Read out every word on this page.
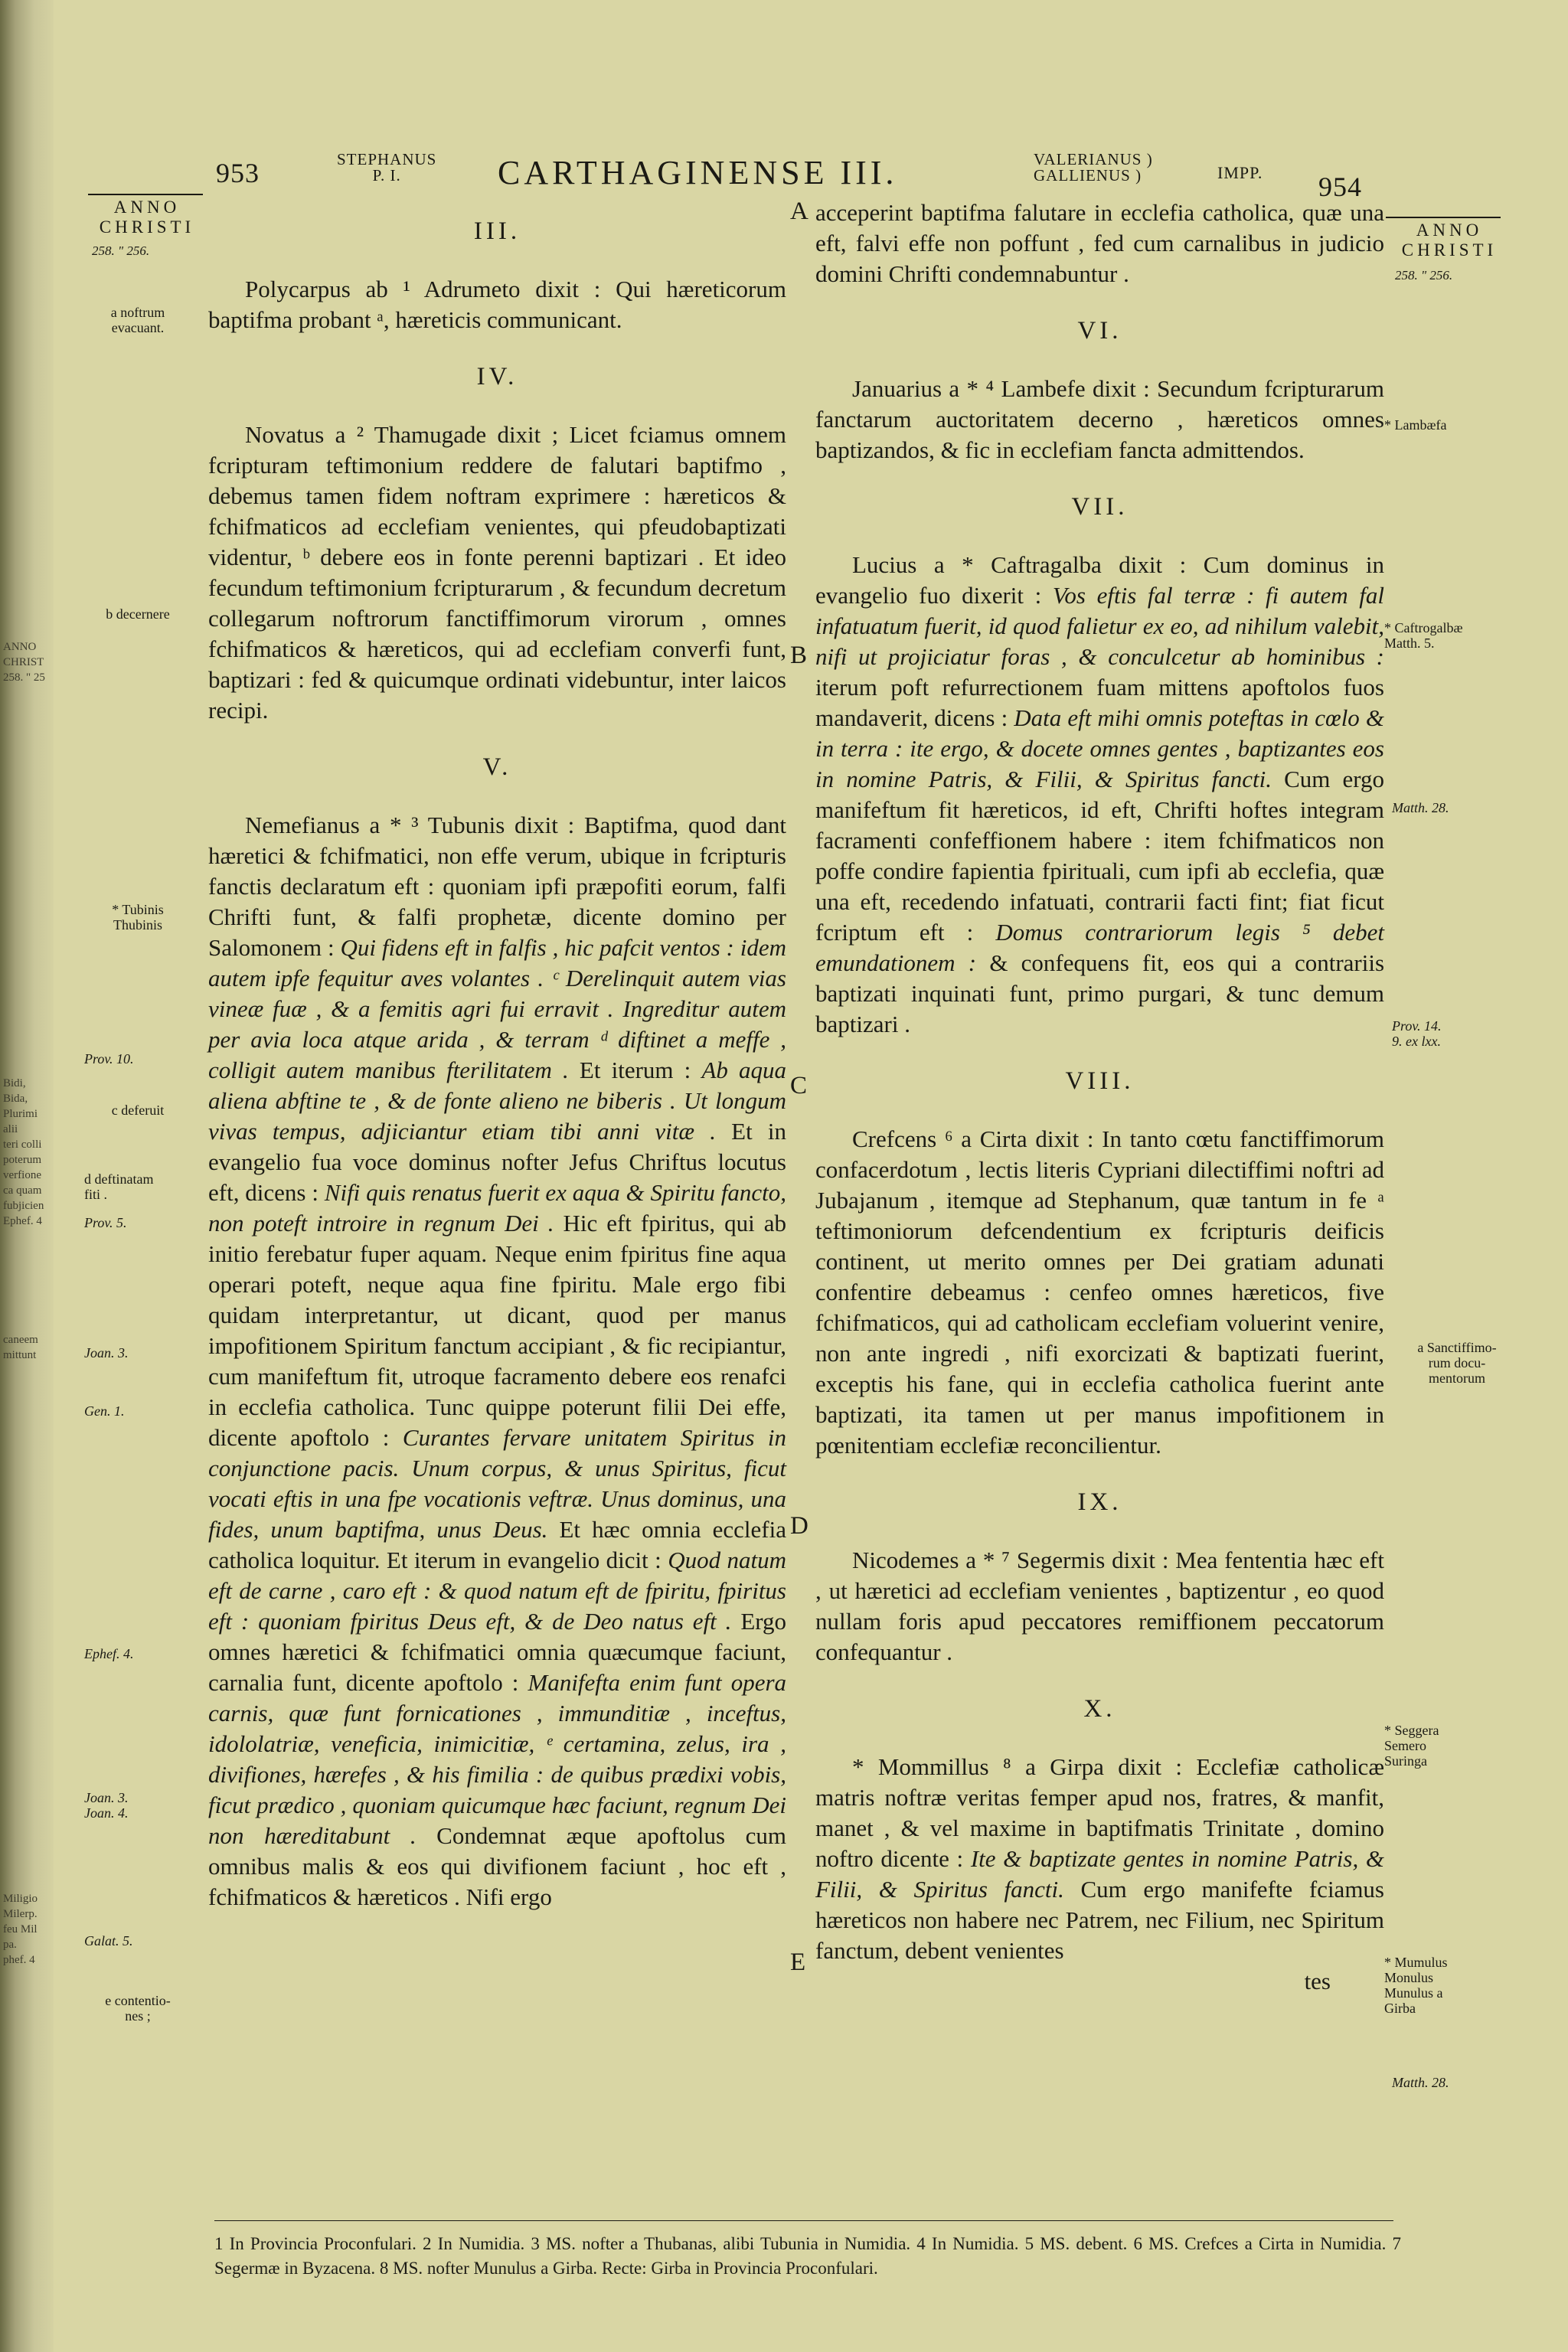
ANNO
CHRIST
258. " 25
Bidi,
Bida,
Plurimi
alii
teri colli
poterum
verfione
ca quam
fubjicien
Ephef. 4
caneem
mittunt
Miligio
Milerp.
feu Mil
pa.
phef. 4
953	STEPHANUS
P. I.	CARTHAGINENSE III.	VALERIANUS )
GALLIENUS )	IMPP. 954
ANNO
CHRISTI
258. " 256.
ANNO
CHRISTI
258. " 256.
III.

Polycarpus ab ¹ Adrumeto dixit : Qui hæreticorum baptifma probant ᵃ, hæreticis communicant.

IV.

Novatus a ² Thamugade dixit ; Licet fciamus omnem fcripturam teftimonium reddere de falutari baptifmo , debemus tamen fidem noftram exprimere : hæreticos & fchifmaticos ad ecclefiam venientes, qui pfeudobaptizati videntur, ᵇ debere eos in fonte perenni baptizari . Et ideo fecundum teftimonium fcripturarum , & fecundum decretum collegarum noftrorum fanctiffimorum virorum , omnes fchifmaticos & hæreticos, qui ad ecclefiam converfi funt, baptizari : fed & quicumque ordinati videbuntur, inter laicos recipi.

V.

Nemefianus a * ³ Tubunis dixit : Baptifma, quod dant hæretici & fchifmatici, non effe verum, ubique in fcripturis fanctis declaratum eft : quoniam ipfi præpofiti eorum, falfi Chrifti funt, & falfi prophetæ, dicente domino per Salomonem : Qui fidens eft in falfis , hic pafcit ventos : idem autem ipfe fequitur aves volantes . ᶜ Derelinquit autem vias vineæ fuæ , & a femitis agri fui erravit . Ingreditur autem per avia loca atque arida , & terram ᵈ diftinet a meffe , colligit autem manibus fterilitatem . Et iterum : Ab aqua aliena abftine te , & de fonte alieno ne biberis . Ut longum vivas tempus, adjiciantur etiam tibi anni vitæ . Et in evangelio fua voce dominus nofter Jefus Chriftus locutus eft, dicens : Nifi quis renatus fuerit ex aqua & Spiritu fancto, non poteft introire in regnum Dei . Hic eft fpiritus, qui ab initio ferebatur fuper aquam. Neque enim fpiritus fine aqua operari poteft, neque aqua fine fpiritu. Male ergo fibi quidam interpretantur, ut dicant, quod per manus impofitionem Spiritum fanctum accipiant , & fic recipiantur, cum manifeftum fit, utroque facramento debere eos renafci in ecclefia catholica. Tunc quippe poterunt filii Dei effe, dicente apoftolo : Curantes fervare unitatem Spiritus in conjunctione pacis. Unum corpus, & unus Spiritus, ficut vocati eftis in una fpe vocationis veftræ. Unus dominus, una fides, unum baptifma, unus Deus. Et hæc omnia ecclefia catholica loquitur. Et iterum in evangelio dicit : Quod natum eft de carne , caro eft : & quod natum eft de fpiritu, fpiritus eft : quoniam fpiritus Deus eft, & de Deo natus eft . Ergo omnes hæretici & fchifmatici omnia quæcumque faciunt, carnalia funt, dicente apoftolo : Manifefta enim funt opera carnis, quæ funt fornicationes , immunditiæ , inceftus, idololatriæ, veneficia, inimicitiæ, ᵉ certamina, zelus, ira , divifiones, hærefes , & his fimilia : de quibus prædixi vobis, ficut prædico , quoniam quicumque hæc faciunt, regnum Dei non hæreditabunt . Condemnat æque apoftolus cum omnibus malis & eos qui divifionem faciunt , hoc eft , fchifmaticos & hæreticos . Nifi ergo

acceperint baptifma falutare in ecclefia catholica, quæ una eft, falvi effe non poffunt , fed cum carnalibus in judicio domini Chrifti condemnabuntur .

VI.

Januarius a * ⁴ Lambefe dixit : Secundum fcripturarum fanctarum auctoritatem decerno , hæreticos omnes baptizandos, & fic in ecclefiam fancta admittendos.

VII.

Lucius a * Caftragalba dixit : Cum dominus in evangelio fuo dixerit : Vos eftis fal terræ : fi autem fal infatuatum fuerit, id quod falietur ex eo, ad nihilum valebit, nifi ut projiciatur foras , & conculcetur ab hominibus : iterum poft refurrectionem fuam mittens apoftolos fuos mandaverit, dicens : Data eft mihi omnis poteftas in cœlo & in terra : ite ergo, & docete omnes gentes , baptizantes eos in nomine Patris, & Filii, & Spiritus fancti. Cum ergo manifeftum fit hæreticos, id eft, Chrifti hoftes integram facramenti confeffionem habere : item fchifmaticos non poffe condire fapientia fpirituali, cum ipfi ab ecclefia, quæ una eft, recedendo infatuati, contrarii facti fint; fiat ficut fcriptum eft : Domus contrariorum legis ⁵ debet emundationem : & confequens fit, eos qui a contrariis baptizati inquinati funt, primo purgari, & tunc demum baptizari .

VIII.

Crefcens ⁶ a Cirta dixit : In tanto cœtu fanctiffimorum confacerdotum , lectis literis Cypriani dilectiffimi noftri ad Jubajanum , itemque ad Stephanum, quæ tantum in fe ᵃ teftimoniorum defcendentium ex fcripturis deificis continent, ut merito omnes per Dei gratiam adunati confentire debeamus : cenfeo omnes hæreticos, five fchifmaticos, qui ad catholicam ecclefiam voluerint venire, non ante ingredi , nifi exorcizati & baptizati fuerint, exceptis his fane, qui in ecclefia catholica fuerint ante baptizati, ita tamen ut per manus impofitionem in pœnitentiam ecclefiæ reconcilientur.

IX.

Nicodemes a * ⁷ Segermis dixit : Mea fententia hæc eft , ut hæretici ad ecclefiam venientes , baptizentur , eo quod nullam foris apud peccatores remiffionem peccatorum confequantur .

X.

* Mommillus ⁸ a Girpa dixit : Ecclefiæ catholicæ matris noftræ veritas femper apud nos, fratres, & manfit, manet , & vel maxime in baptifmatis Trinitate , domino noftro dicente : Ite & baptizate gentes in nomine Patris, & Filii, & Spiritus fancti. Cum ergo manifefte fciamus hæreticos non habere nec Patrem, nec Filium, nec Spiritum fanctum, debent venientes

tes
A
B
C
D
E
a noftrum
evacuant.
b decernere
* Tubinis
Thubinis
Prov. 10.
c deferuit
d deftinatam
fiti .
Prov. 5.
Joan. 3.
Gen. 1.
Ephef. 4.
Joan. 3.
Joan. 4.
Galat. 5.
e contentio-
nes ;
* Lambæfa
* Caftrogalbæ
Matth. 5.
Matth. 28.
Prov. 14.
9. ex lxx.
a Sanctiffimo-
rum docu-
mentorum
* Seggera
Semero
Suringa
* Mumulus
Monulus
Munulus a
Girba
Matth. 28.
1 In Provincia Proconfulari. 2 In Numidia. 3 MS. nofter a Thubanas, alibi Tubunia in Numidia. 4 In Numidia. 5 MS. debent. 6 MS. Crefces a Cirta in Numidia. 7 Segermæ in Byzacena. 8 MS. nofter Munulus a Girba. Recte: Girba in Provincia Proconfulari.
